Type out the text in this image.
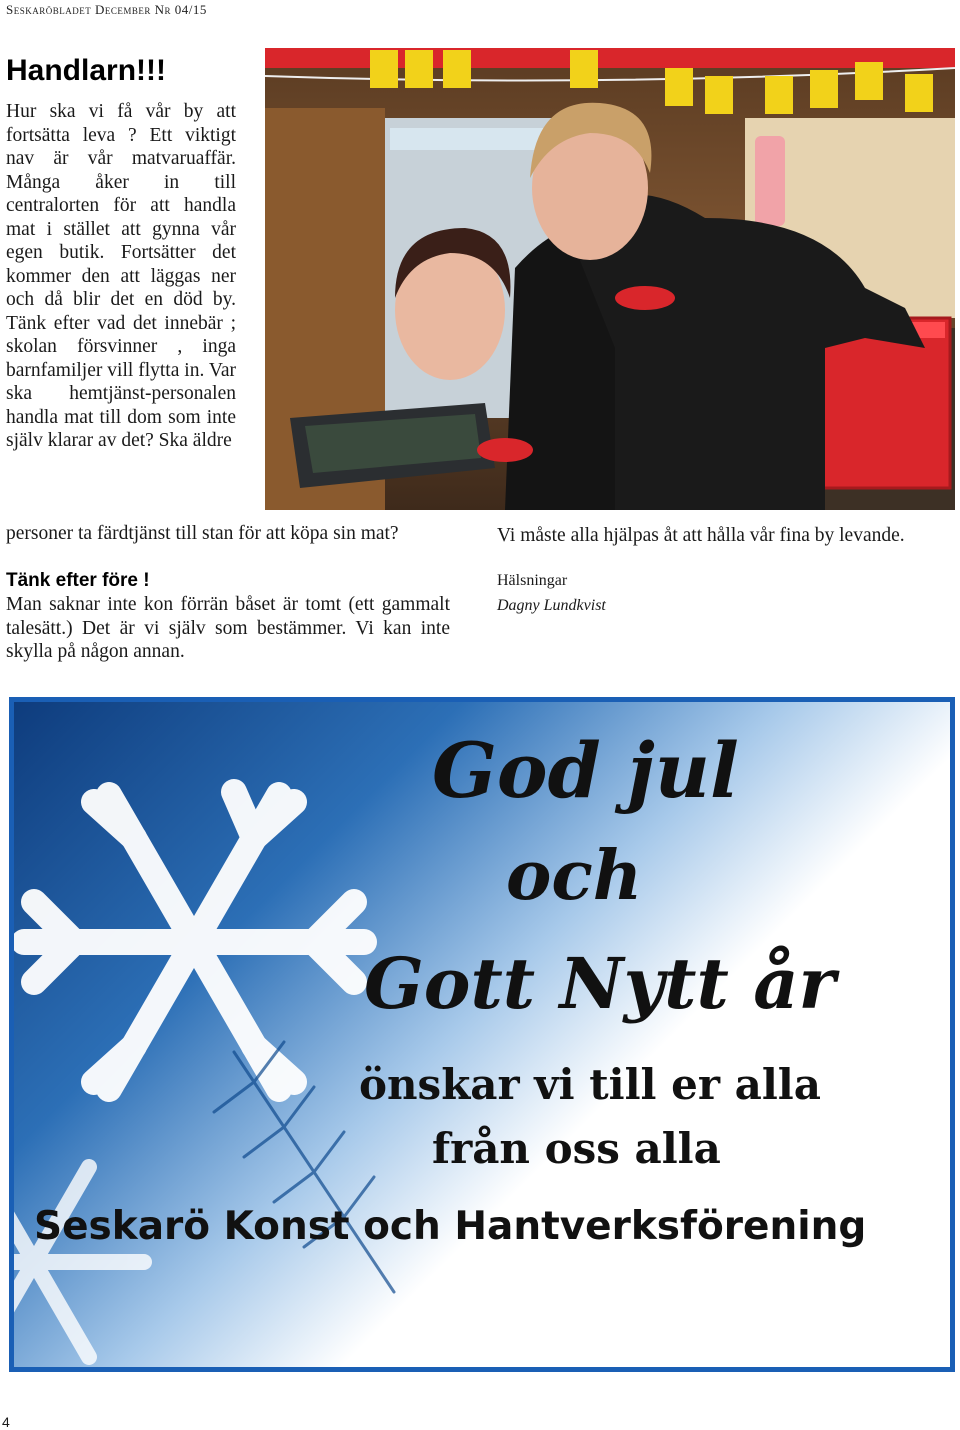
Seskaröbladet December Nr 04/15
Handlarn!!!

Hur ska vi få vår by att fortsätta leva ? Ett viktigt nav är vår matvaruaffär. Många åker in till centralorten för att handla mat i stället att gynna vår egen butik. Fortsätter det kommer den att läggas ner och då blir det en död by. Tänk efter vad det innebär ; skolan försvinner , inga barnfamiljer vill flytta in. Var ska hemtjänst-personalen handla mat till dom som inte själv klarar av det? Ska äldre

personer ta färdtjänst till stan för att köpa sin mat?

Tänk efter före !

Man saknar inte kon förrän båset är tomt (ett gammalt talesätt.) Det är vi själv som bestämmer. Vi kan inte skylla på någon annan.

Vi måste alla hjälpas åt att hålla vår fina by levande.
Hälsningar
Dagny Lundkvist
God jul
och
Gott Nytt år
önskar vi till er alla
från oss alla
Seskarö Konst och Hantverksförening
4
